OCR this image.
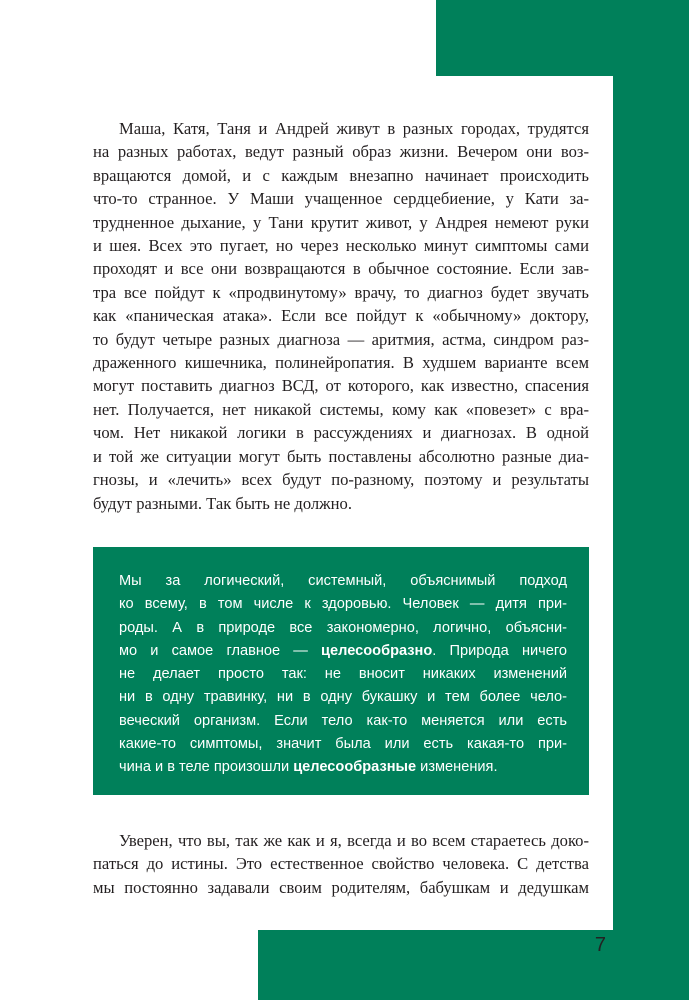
Маша, Катя, Таня и Андрей живут в разных городах, трудятся
на разных работах, ведут разный образ жизни. Вечером они воз-
вращаются домой, и с каждым внезапно начинает происходить
что-то странное. У Маши учащенное сердцебиение, у Кати за-
трудненное дыхание, у Тани крутит живот, у Андрея немеют руки
и шея. Всех это пугает, но через несколько минут симптомы сами
проходят и все они возвращаются в обычное состояние. Если зав-
тра все пойдут к «продвинутому» врачу, то диагноз будет звучать
как «паническая атака». Если все пойдут к «обычному» доктору,
то будут четыре разных диагноза — аритмия, астма, синдром раз-
драженного кишечника, полинейропатия. В худшем варианте всем
могут поставить диагноз ВСД, от которого, как известно, спасения
нет. Получается, нет никакой системы, кому как «повезет» с вра-
чом. Нет никакой логики в рассуждениях и диагнозах. В одной
и той же ситуации могут быть поставлены абсолютно разные диа-
гнозы, и «лечить» всех будут по-разному, поэтому и результаты
будут разными. Так быть не должно.
Мы за логический, системный, объяснимый подход
ко всему, в том числе к здоровью. Человек — дитя при-
роды. А в природе все закономерно, логично, объясни-
мо и самое главное — целесообразно. Природа ничего
не делает просто так: не вносит никаких изменений
ни в одну травинку, ни в одну букашку и тем более чело-
веческий организм. Если тело как-то меняется или есть
какие-то симптомы, значит была или есть какая-то при-
чина и в теле произошли целесообразные изменения.
Уверен, что вы, так же как и я, всегда и во всем стараетесь доко-
паться до истины. Это естественное свойство человека. С детства
мы постоянно задавали своим родителям, бабушкам и дедушкам
7
